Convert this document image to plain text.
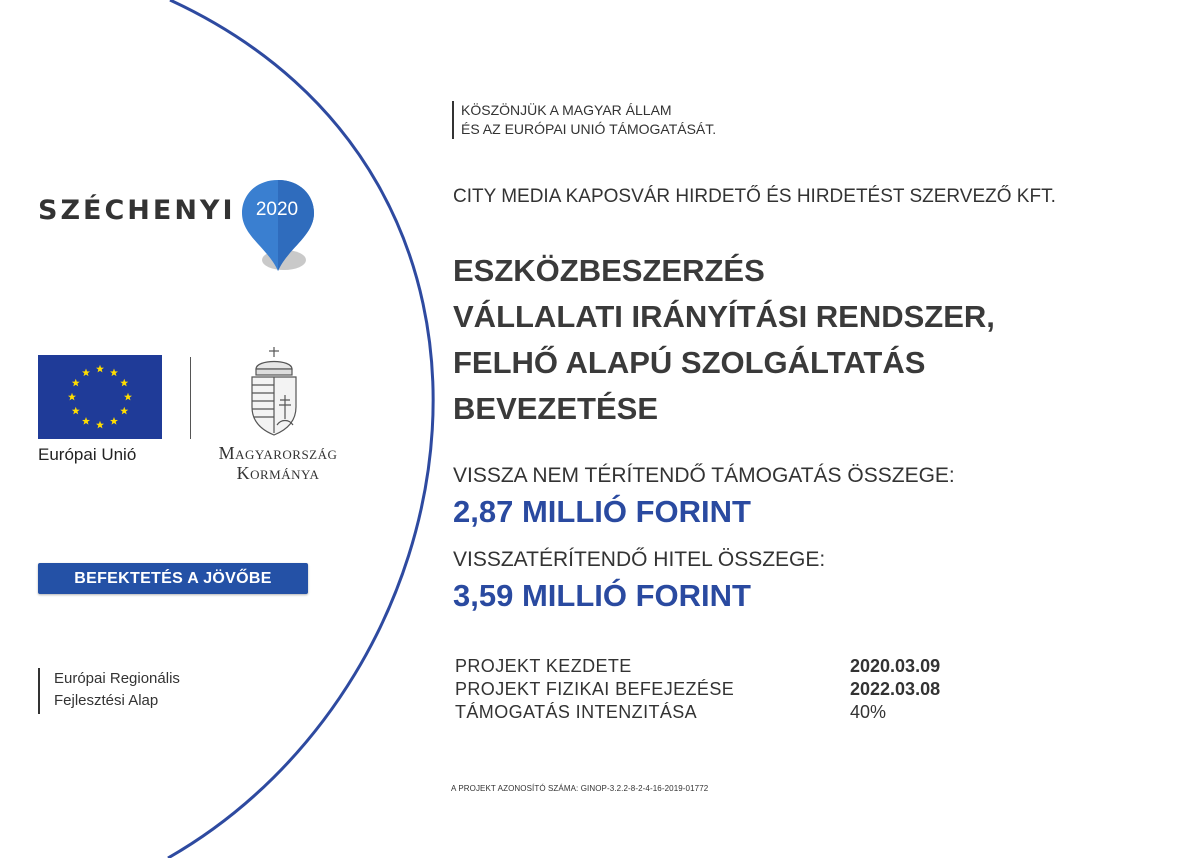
SZÉCHENYI	2020
Európai Unió	Magyarország
Kormánya
BEFEKTETÉS A JÖVŐBE
Európai Regionális
Fejlesztési Alap
KÖSZÖNJÜK A MAGYAR ÁLLAM
ÉS AZ EURÓPAI UNIÓ TÁMOGATÁSÁT.
CITY MEDIA KAPOSVÁR HIRDETŐ ÉS HIRDETÉST SZERVEZŐ KFT.
ESZKÖZBESZERZÉS
VÁLLALATI IRÁNYÍTÁSI RENDSZER,
FELHŐ ALAPÚ SZOLGÁLTATÁS
BEVEZETÉSE
VISSZA NEM TÉRÍTENDŐ TÁMOGATÁS ÖSSZEGE:
2,87 MILLIÓ FORINT
VISSZATÉRÍTENDŐ HITEL ÖSSZEGE:
3,59 MILLIÓ FORINT
PROJEKT KEZDETE	2020.03.09
PROJEKT FIZIKAI BEFEJEZÉSE	2022.03.08
TÁMOGATÁS INTENZITÁSA	40%
A PROJEKT AZONOSÍTÓ SZÁMA: GINOP-3.2.2-8-2-4-16-2019-01772
